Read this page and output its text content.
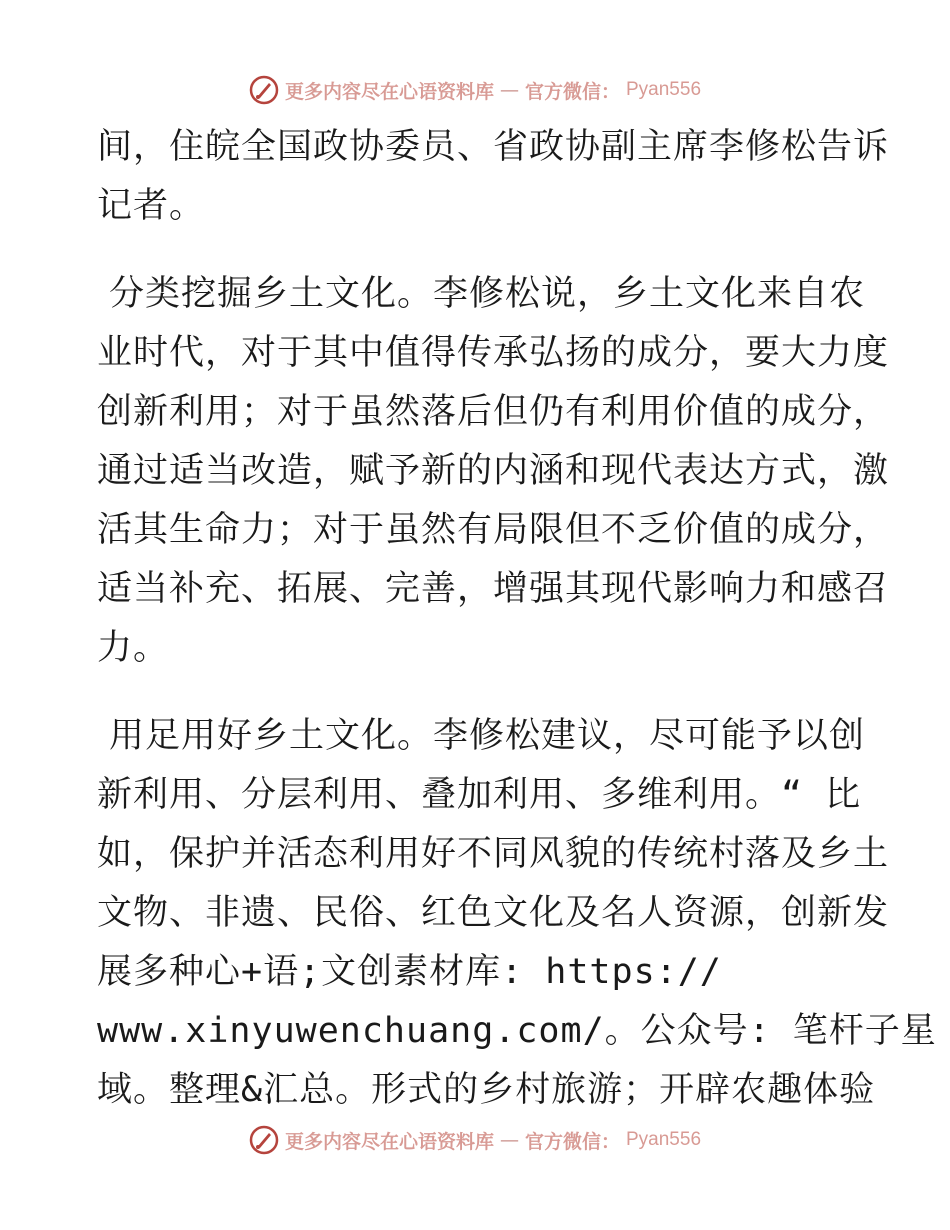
更多内容尽在心语资料库 — 官方微信： Pyan556
间，住皖全国政协委员、省政协副主席李修松告诉
记者。
分类挖掘乡土文化。李修松说，乡土文化来自农
业时代，对于其中值得传承弘扬的成分，要大力度
创新利用；对于虽然落后但仍有利用价值的成分，
通过适当改造，赋予新的内涵和现代表达方式，激
活其生命力；对于虽然有局限但不乏价值的成分，
适当补充、拓展、完善，增强其现代影响力和感召
力。
用足用好乡土文化。李修松建议，尽可能予以创
新利用、分层利用、叠加利用、多维利用。“ 比
如，保护并活态利用好不同风貌的传统村落及乡土
文物、非遗、民俗、红色文化及名人资源，创新发
展多种心+语;文创素材库: https://
www.xinyuwenchuang.com/。公众号: 笔杆子星
域。整理&汇总。形式的乡村旅游；开辟农趣体验
更多内容尽在心语资料库 — 官方微信： Pyan556
